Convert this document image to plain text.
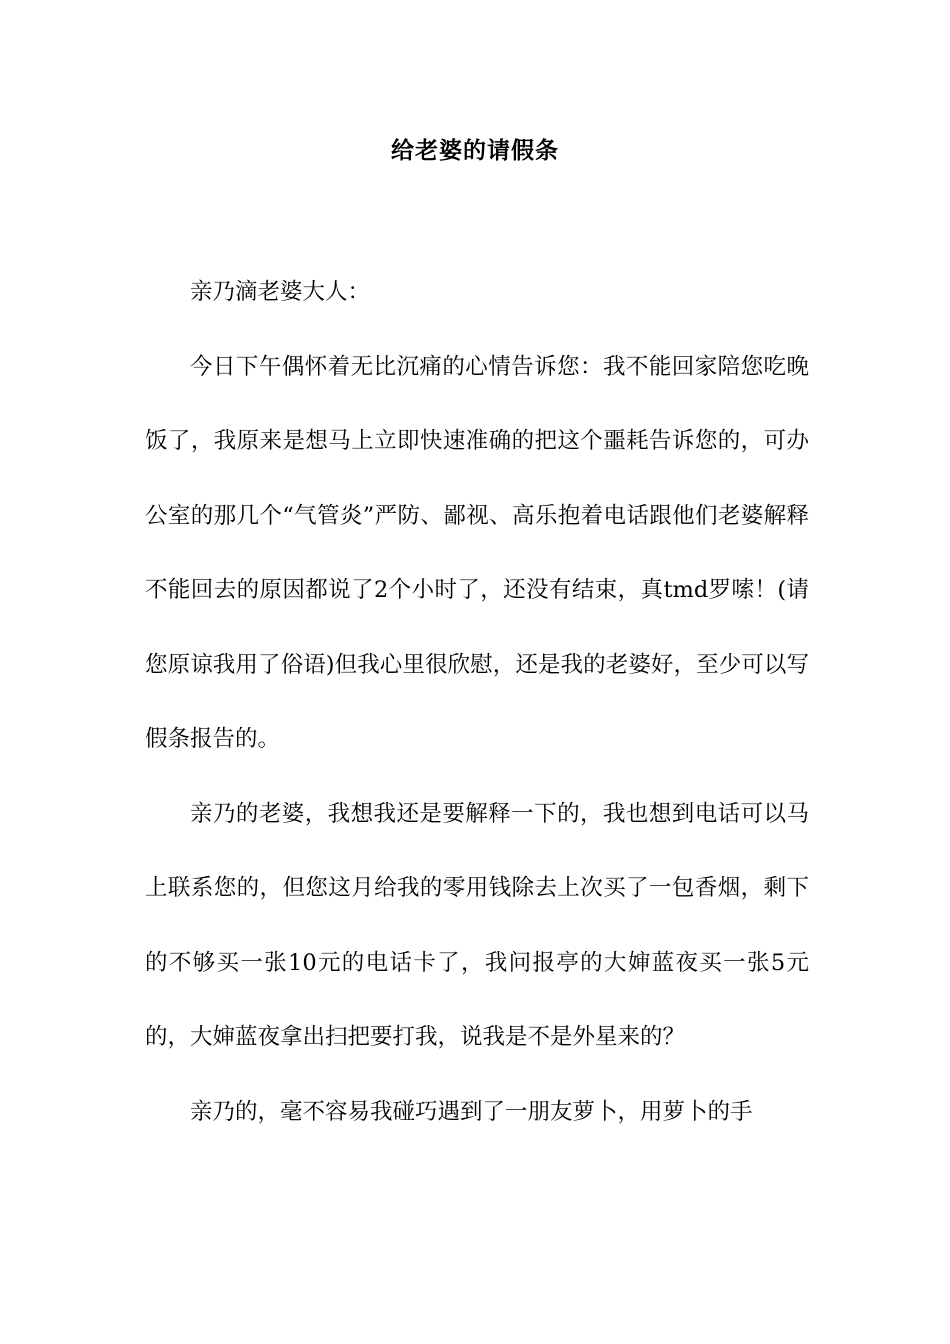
给老婆的请假条

亲乃滴老婆大人：

今日下午偶怀着无比沉痛的心情告诉您：我不能回家陪您吃晚饭了，我原来是想马上立即快速准确的把这个噩耗告诉您的，可办公室的那几个“气管炎”严防、鄙视、高乐抱着电话跟他们老婆解释不能回去的原因都说了2个小时了，还没有结束，真tmd罗嗦！(请您原谅我用了俗语)但我心里很欣慰，还是我的老婆好，至少可以写假条报告的。

亲乃的老婆，我想我还是要解释一下的，我也想到电话可以马上联系您的，但您这月给我的零用钱除去上次买了一包香烟，剩下的不够买一张10元的电话卡了，我问报亭的大婶蓝夜买一张5元的，大婶蓝夜拿出扫把要打我，说我是不是外星来的？

亲乃的，毫不容易我碰巧遇到了一朋友萝卜，用萝卜的手
